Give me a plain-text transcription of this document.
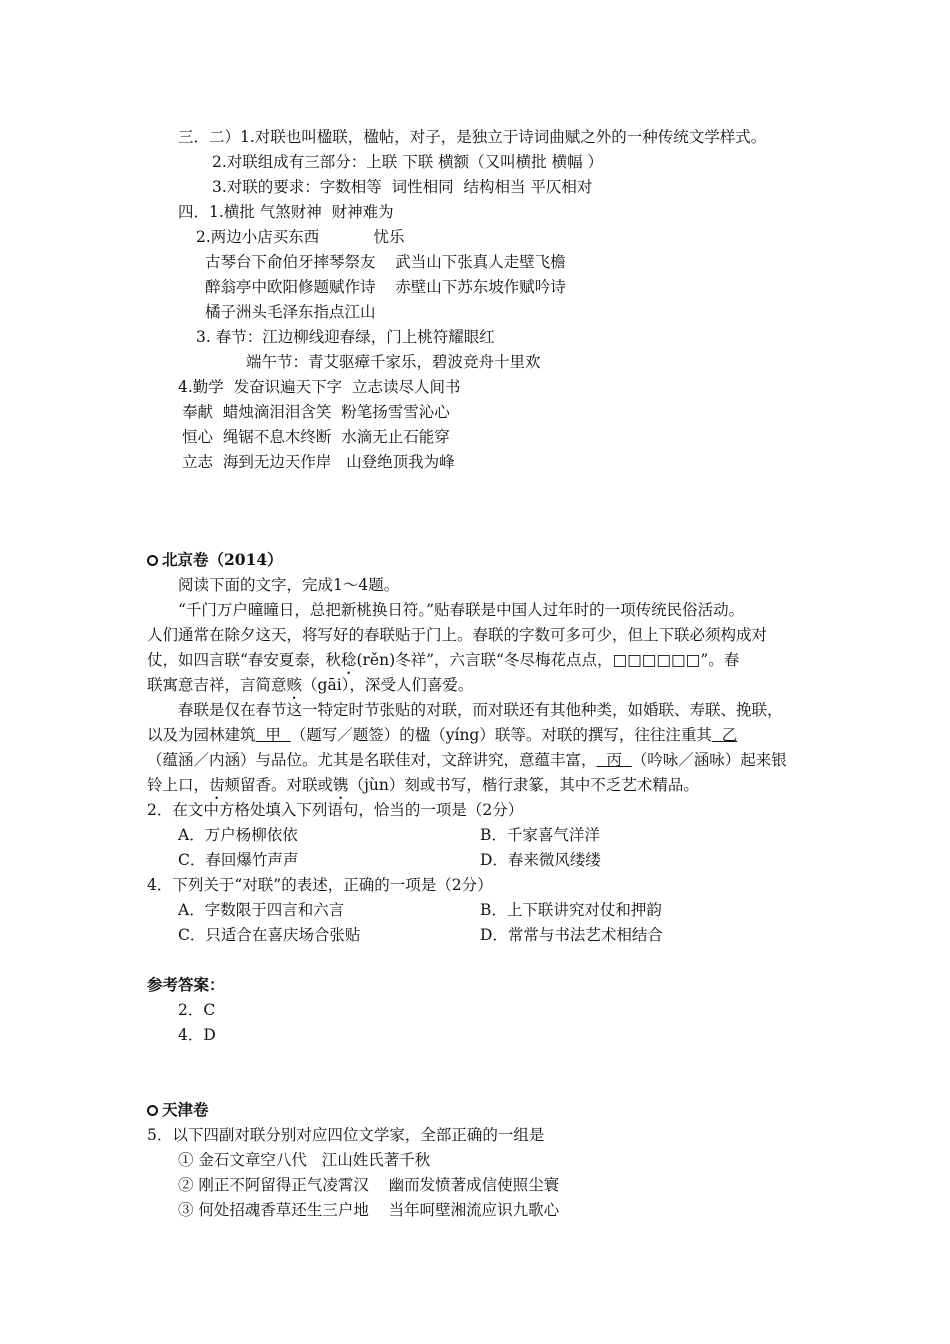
三．二）1.对联也叫楹联，楹帖，对子，是独立于诗词曲赋之外的一种传统文学样式。
2.对联组成有三部分：上联 下联 横额（又叫横批 横幅 ）
3.对联的要求：字数相等  词性相同  结构相当 平仄相对
四．1.横批 气煞财神  财神难为
2.两边小店买东西           忧乐
古琴台下俞伯牙摔琴祭友    武当山下张真人走壁飞檐
醉翁亭中欧阳修题赋作诗    赤壁山下苏东坡作赋吟诗
橘子洲头毛泽东指点江山
3. 春节：江边柳线迎春绿，门上桃符耀眼红
端午节：青艾驱瘴千家乐，碧波竞舟十里欢
4.勤学  发奋识遍天下字  立志读尽人间书
奉献  蜡烛滴泪泪含笑  粉笔扬雪雪沁心
恒心  绳锯不息木终断  水滴无止石能穿
立志  海到无边天作岸   山登绝顶我为峰
北京卷（2014）
阅读下面的文字，完成1～4题。
“千门万户曈曈日，总把新桃换日符。”贴春联是中国人过年时的一项传统民俗活动。
人们通常在除夕这天，将写好的春联贴于门上。春联的字数可多可少，但上下联必须构成对
仗，如四言联“春安夏泰，秋稔(rěn)冬祥”，六言联“冬尽梅花点点，□□□□□□”。春
联寓意吉祥，言简意赅（gāi），深受人们喜爱。
春联是仅在春节这一特定时节张贴的对联，而对联还有其他种类，如婚联、寿联、挽联，
以及为园林建筑  甲  （题写／题签）的楹（yíng）联等。对联的撰写，往往注重其  乙
（蕴涵／内涵）与品位。尤其是名联佳对，文辞讲究，意蕴丰富，  丙  （吟咏／涵咏）起来银
铃上口，齿颊留香。对联或镌（jùn）刻或书写，楷行隶篆，其中不乏艺术精品。
2．在文中方格处填入下列语句，恰当的一项是（2分）
A．万户杨柳依依	B．千家喜气洋洋
C．春回爆竹声声	D．春来微风缕缕
4．下列关于“对联”的表述，正确的一项是（2分）
A．字数限于四言和六言	B．上下联讲究对仗和押韵
C．只适合在喜庆场合张贴	D．常常与书法艺术相结合
参考答案：
2．C
4．D
天津卷
5．以下四副对联分别对应四位文学家，全部正确的一组是
① 金石文章空八代   江山姓氏著千秋
② 刚正不阿留得正气凌霄汉    幽而发愤著成信使照尘寰
③ 何处招魂香草还生三户地    当年呵壁湘流应识九歌心
